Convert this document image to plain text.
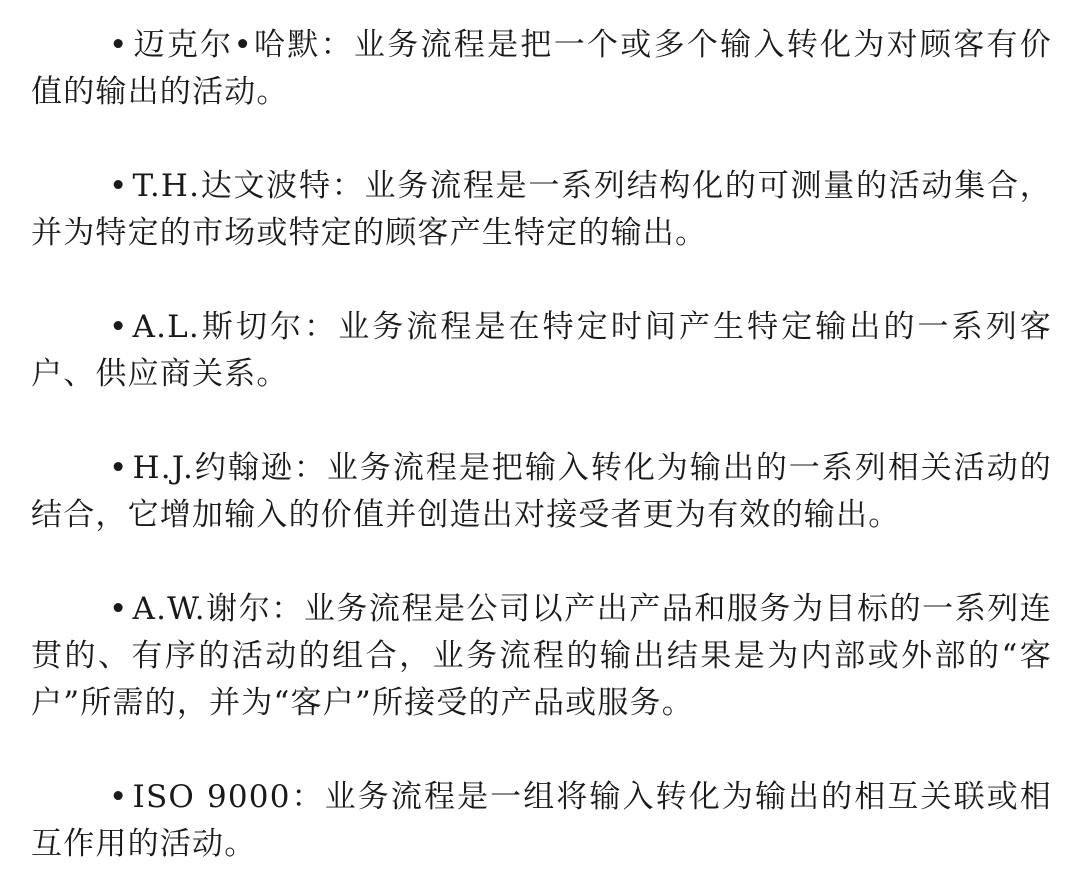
• 迈克尔•哈默：业务流程是把一个或多个输入转化为对顾客有价值的输出的活动。

• T.H.达文波特：业务流程是一系列结构化的可测量的活动集合，并为特定的市场或特定的顾客产生特定的输出。

• A.L.斯切尔：业务流程是在特定时间产生特定输出的一系列客户、供应商关系。

• H.J.约翰逊：业务流程是把输入转化为输出的一系列相关活动的结合，它增加输入的价值并创造出对接受者更为有效的输出。

• A.W.谢尔：业务流程是公司以产出产品和服务为目标的一系列连贯的、有序的活动的组合，业务流程的输出结果是为内部或外部的“客户”所需的，并为“客户”所接受的产品或服务。

• ISO 9000：业务流程是一组将输入转化为输出的相互关联或相互作用的活动。
